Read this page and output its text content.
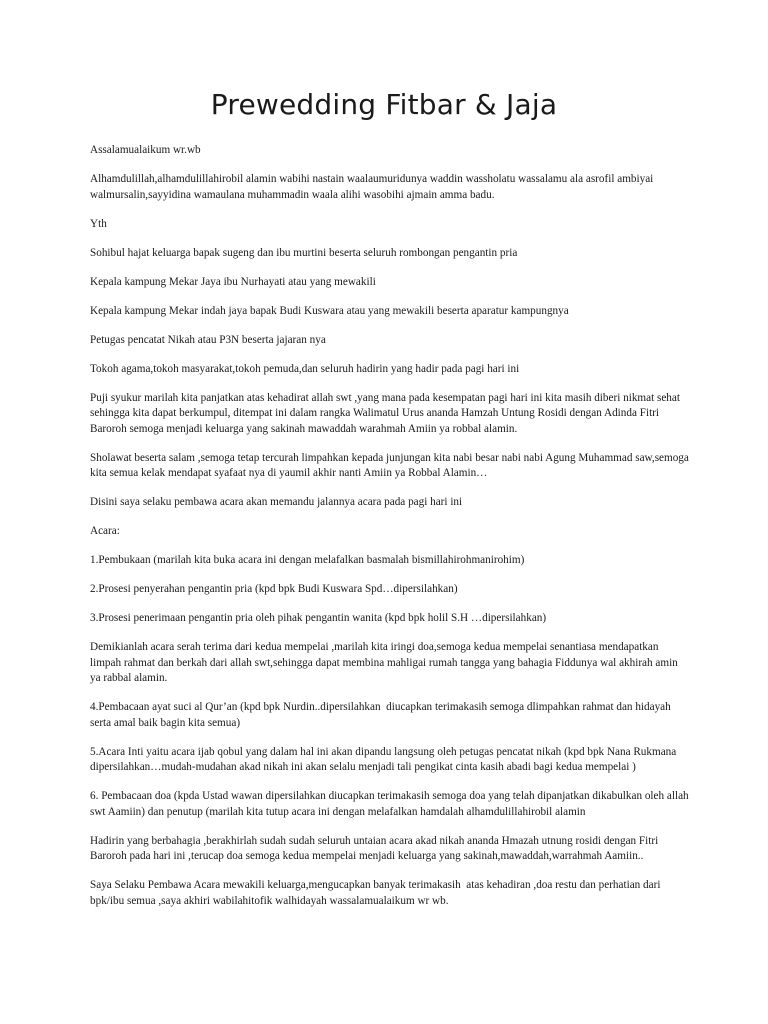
Prewedding Fitbar & Jaja

Assalamualaikum wr.wb

Alhamdulillah,alhamdulillahirobil alamin wabihi nastain waalaumuridunya waddin wassholatu wassalamu ala asrofil ambiyai walmursalin,sayyidina wamaulana muhammadin waala alihi wasobihi ajmain amma badu.

Yth

Sohibul hajat keluarga bapak sugeng dan ibu murtini beserta seluruh rombongan pengantin pria

Kepala kampung Mekar Jaya ibu Nurhayati atau yang mewakili

Kepala kampung Mekar indah jaya bapak Budi Kuswara atau yang mewakili beserta aparatur kampungnya

Petugas pencatat Nikah atau P3N beserta jajaran nya

Tokoh agama,tokoh masyarakat,tokoh pemuda,dan seluruh hadirin yang hadir pada pagi hari ini

Puji syukur marilah kita panjatkan atas kehadirat allah swt ,yang mana pada kesempatan pagi hari ini kita masih diberi nikmat sehat sehingga kita dapat berkumpul, ditempat ini dalam rangka Walimatul Urus ananda Hamzah Untung Rosidi dengan Adinda Fitri Baroroh semoga menjadi keluarga yang sakinah mawaddah warahmah Amiin ya robbal alamin.

Sholawat beserta salam ,semoga tetap tercurah limpahkan kepada junjungan kita nabi besar nabi nabi Agung Muhammad saw,semoga kita semua kelak mendapat syafaat nya di yaumil akhir nanti Amiin ya Robbal Alamin…

Disini saya selaku pembawa acara akan memandu jalannya acara pada pagi hari ini

Acara:

1.Pembukaan (marilah kita buka acara ini dengan melafalkan basmalah bismillahirohmanirohim)

2.Prosesi penyerahan pengantin pria (kpd bpk Budi Kuswara Spd…dipersilahkan)

3.Prosesi penerimaan pengantin pria oleh pihak pengantin wanita (kpd bpk holil S.H …dipersilahkan)

Demikianlah acara serah terima dari kedua mempelai ,marilah kita iringi doa,semoga kedua mempelai senantiasa mendapatkan limpah rahmat dan berkah dari allah swt,sehingga dapat membina mahligai rumah tangga yang bahagia Fiddunya wal akhirah amin ya rabbal alamin.

4.Pembacaan ayat suci al Qur’an (kpd bpk Nurdin..dipersilahkan  diucapkan terimakasih semoga dlimpahkan rahmat dan hidayah serta amal baik bagin kita semua)

5.Acara Inti yaitu acara ijab qobul yang dalam hal ini akan dipandu langsung oleh petugas pencatat nikah (kpd bpk Nana Rukmana dipersilahkan…mudah-mudahan akad nikah ini akan selalu menjadi tali pengikat cinta kasih abadi bagi kedua mempelai )

6. Pembacaan doa (kpda Ustad wawan dipersilahkan diucapkan terimakasih semoga doa yang telah dipanjatkan dikabulkan oleh allah swt Aamiin) dan penutup (marilah kita tutup acara ini dengan melafalkan hamdalah alhamdulillahirobil alamin

Hadirin yang berbahagia ,berakhirlah sudah sudah seluruh untaian acara akad nikah ananda Hmazah utnung rosidi dengan Fitri Baroroh pada hari ini ,terucap doa semoga kedua mempelai menjadi keluarga yang sakinah,mawaddah,warrahmah Aamiin..

Saya Selaku Pembawa Acara mewakili keluarga,mengucapkan banyak terimakasih  atas kehadiran ,doa restu dan perhatian dari bpk/ibu semua ,saya akhiri wabilahitofik walhidayah wassalamualaikum wr wb.
